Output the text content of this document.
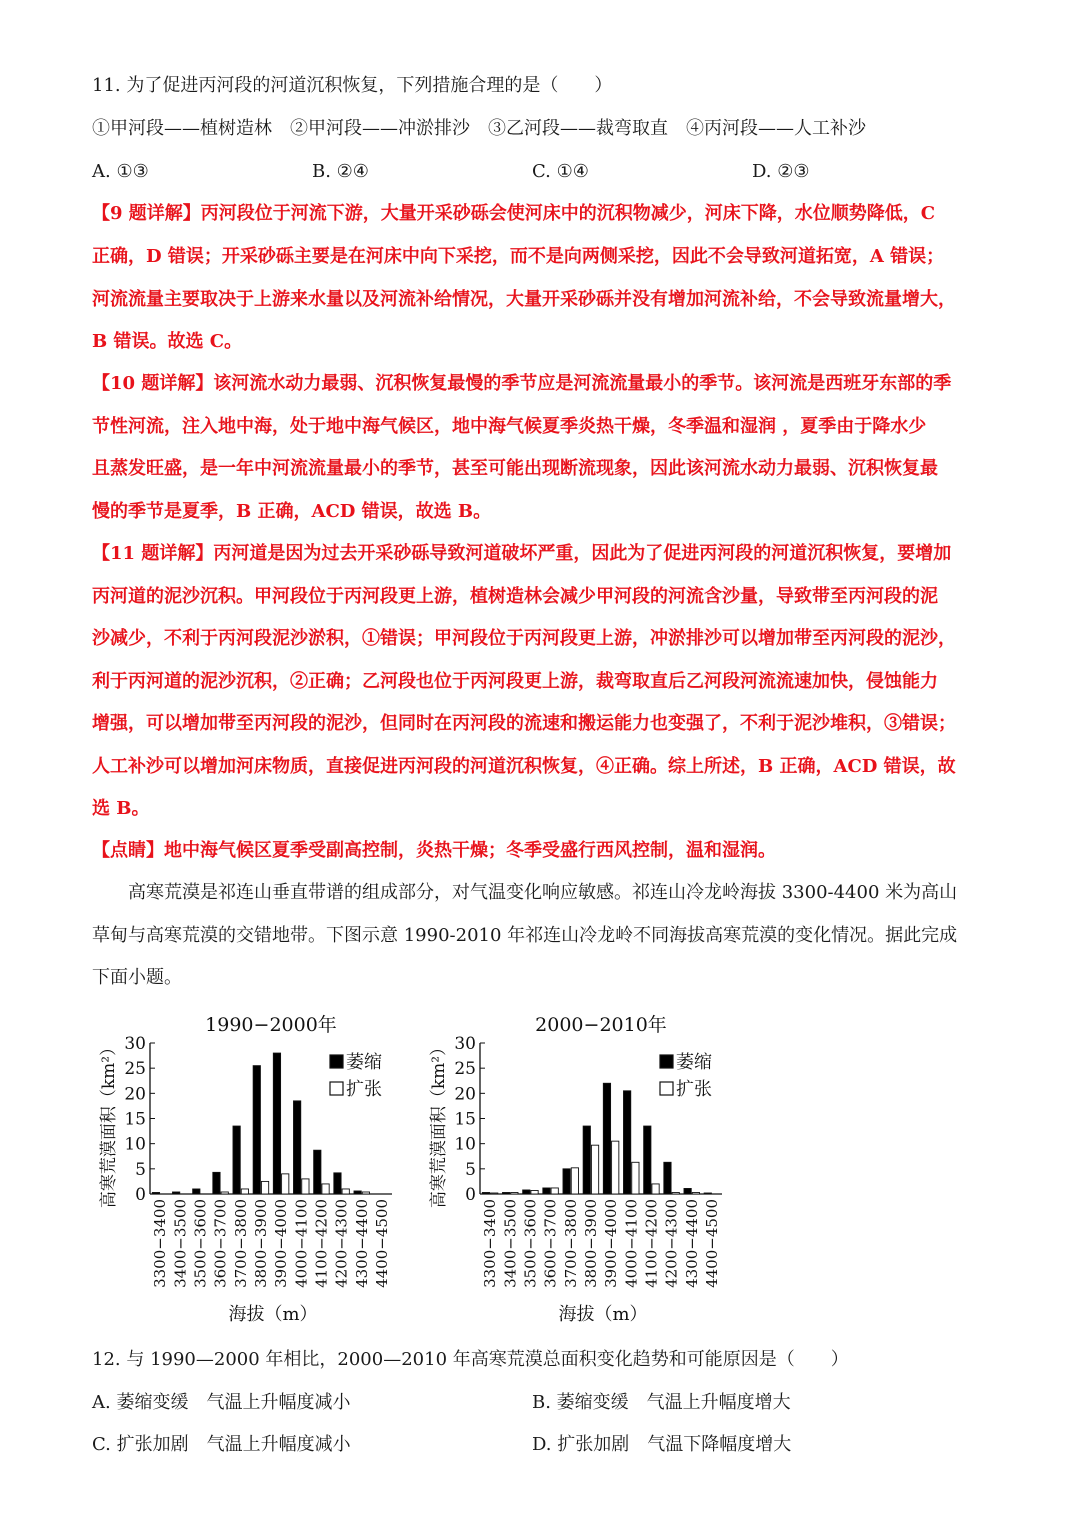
11. 为了促进丙河段的河道沉积恢复，下列措施合理的是（　　）
①甲河段——植树造林　②甲河段——冲淤排沙　③乙河段——裁弯取直　④丙河段——人工补沙
A. ①③	B. ②④	C. ①④	D. ②③
【9 题详解】丙河段位于河流下游，大量开采砂砾会使河床中的沉积物减少，河床下降，水位顺势降低，C
正确，D 错误；开采砂砾主要是在河床中向下采挖，而不是向两侧采挖，因此不会导致河道拓宽，A 错误；
河流流量主要取决于上游来水量以及河流补给情况，大量开采砂砾并没有增加河流补给，不会导致流量增大，
B 错误。故选 C。
【10 题详解】该河流水动力最弱、沉积恢复最慢的季节应是河流流量最小的季节。该河流是西班牙东部的季
节性河流，注入地中海，处于地中海气候区，地中海气候夏季炎热干燥，冬季温和湿润 ，夏季由于降水少
且蒸发旺盛，是一年中河流流量最小的季节，甚至可能出现断流现象，因此该河流水动力最弱、沉积恢复最
慢的季节是夏季，B 正确，ACD 错误，故选 B。
【11 题详解】丙河道是因为过去开采砂砾导致河道破坏严重，因此为了促进丙河段的河道沉积恢复，要增加
丙河道的泥沙沉积。甲河段位于丙河段更上游，植树造林会减少甲河段的河流含沙量，导致带至丙河段的泥
沙减少，不利于丙河段泥沙淤积，①错误；甲河段位于丙河段更上游，冲淤排沙可以增加带至丙河段的泥沙，
利于丙河道的泥沙沉积，②正确；乙河段也位于丙河段更上游，裁弯取直后乙河段河流流速加快，侵蚀能力
增强，可以增加带至丙河段的泥沙，但同时在丙河段的流速和搬运能力也变强了，不利于泥沙堆积，③错误；
人工补沙可以增加河床物质，直接促进丙河段的河道沉积恢复，④正确。综上所述，B 正确，ACD 错误，故
选 B。
【点睛】地中海气候区夏季受副高控制，炎热干燥；冬季受盛行西风控制，温和湿润。
高寒荒漠是祁连山垂直带谱的组成部分，对气温变化响应敏感。祁连山冷龙岭海拔 3300-4400 米为高山
草甸与高寒荒漠的交错地带。下图示意 1990-2010 年祁连山冷龙岭不同海拔高寒荒漠的变化情况。据此完成
下面小题。
1990−2000年
高寒荒漠面积（km²） 0
5
10
15
20
25
30
3300−3400 3400−3500 3500−3600 3600−3700 3700−3800 3800−3900 3900−4000 4000−4100 4100−4200 4200−4300 4300−4400 4400−4500
海拔（m）
萎缩
扩张
2000−2010年
高寒荒漠面积（km²） 0
5
10
15
20
25
30
3300−3400 3400−3500 3500−3600 3600−3700 3700−3800 3800−3900 3900−4000 4000−4100 4100−4200 4200−4300 4300−4400 4400−4500
海拔（m）
萎缩
扩张
12. 与 1990—2000 年相比，2000—2010 年高寒荒漠总面积变化趋势和可能原因是（　　）
A. 萎缩变缓　气温上升幅度减小	B. 萎缩变缓　气温上升幅度增大
C. 扩张加剧　气温上升幅度减小	D. 扩张加剧　气温下降幅度增大
